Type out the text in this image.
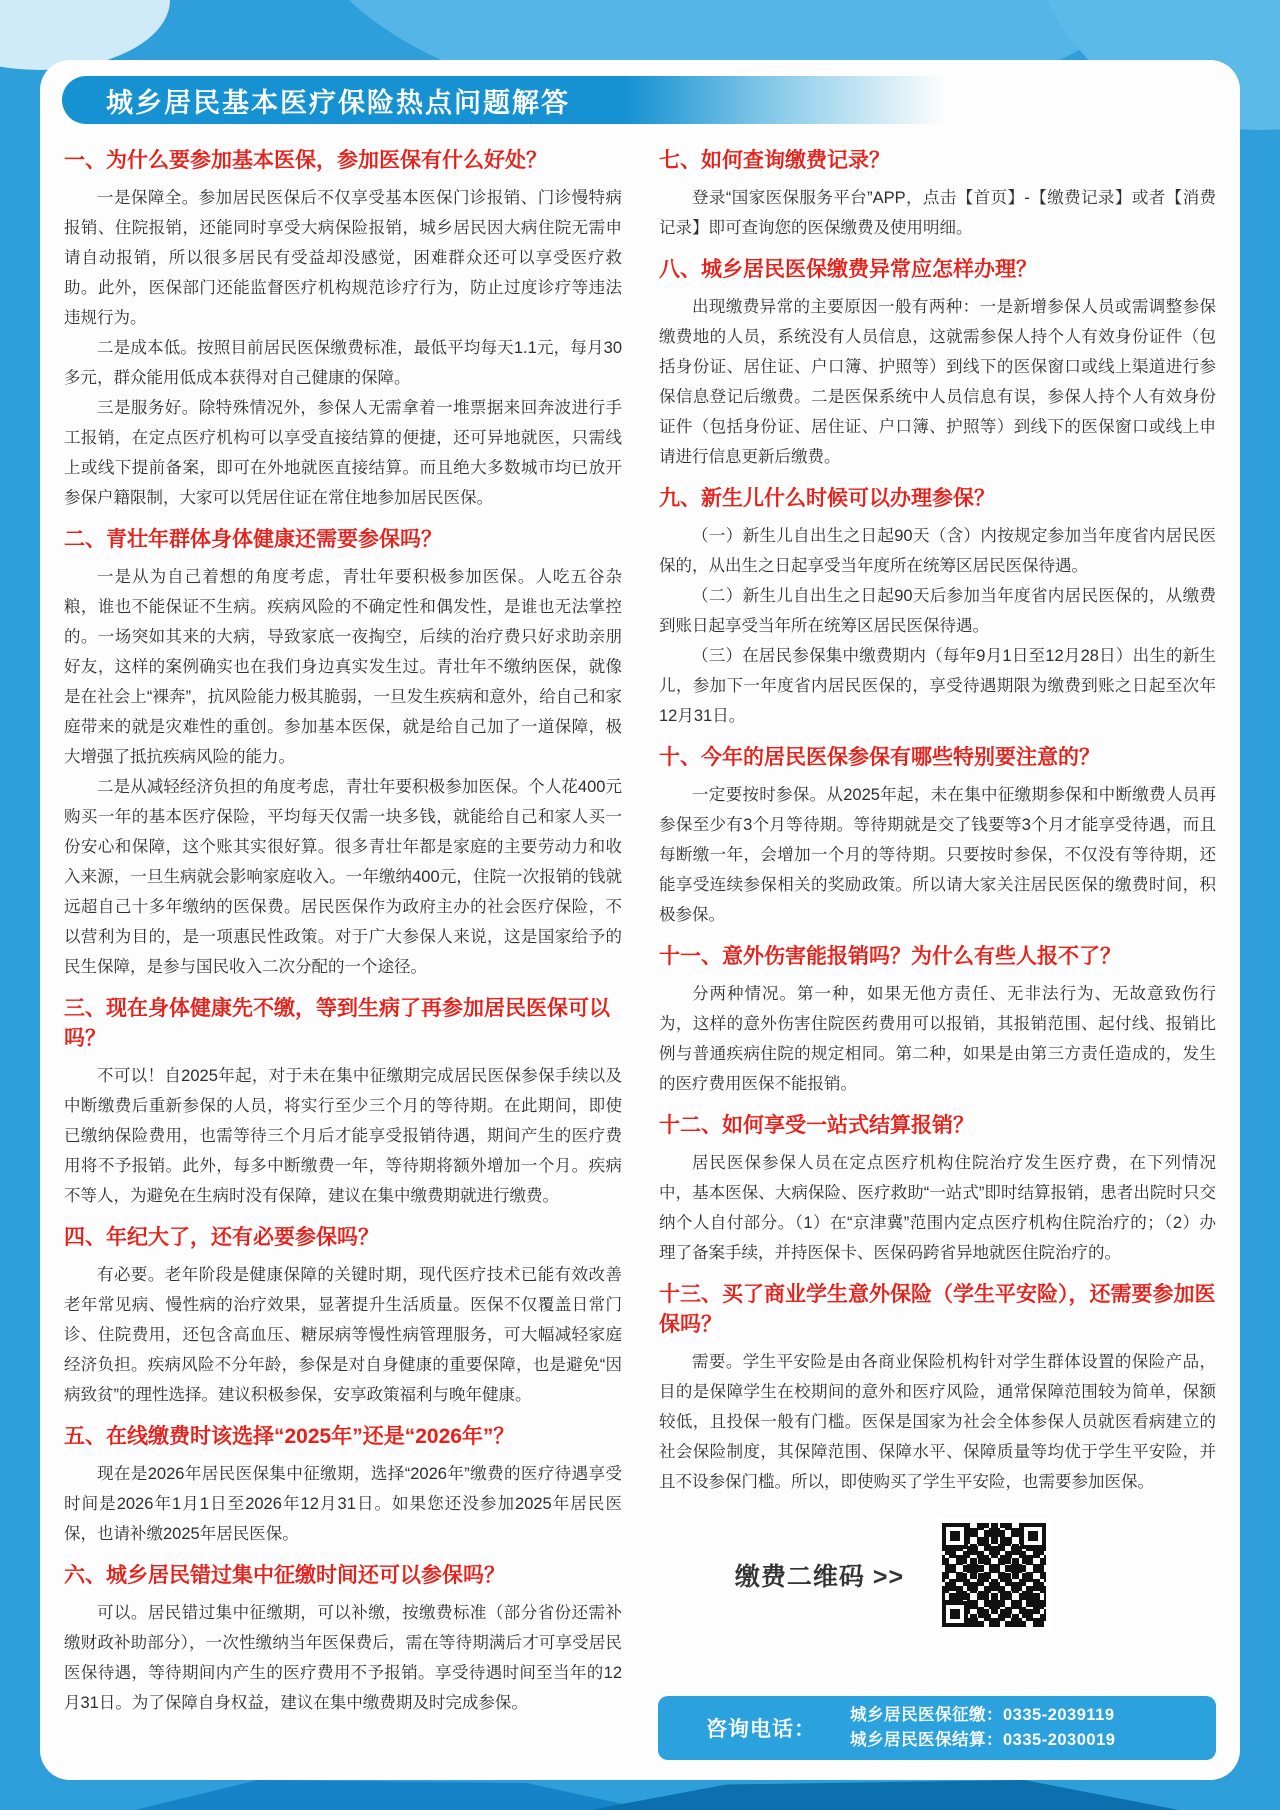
城乡居民基本医疗保险热点问题解答
一、为什么要参加基本医保，参加医保有什么好处？

一是保障全。参加居民医保后不仅享受基本医保门诊报销、门诊慢特病报销、住院报销，还能同时享受大病保险报销，城乡居民因大病住院无需申请自动报销，所以很多居民有受益却没感觉，困难群众还可以享受医疗救助。此外，医保部门还能监督医疗机构规范诊疗行为，防止过度诊疗等违法违规行为。

二是成本低。按照目前居民医保缴费标准，最低平均每天1.1元，每月30多元，群众能用低成本获得对自己健康的保障。

三是服务好。除特殊情况外，参保人无需拿着一堆票据来回奔波进行手工报销，在定点医疗机构可以享受直接结算的便捷，还可异地就医，只需线上或线下提前备案，即可在外地就医直接结算。而且绝大多数城市均已放开参保户籍限制，大家可以凭居住证在常住地参加居民医保。

二、青壮年群体身体健康还需要参保吗？

一是从为自己着想的角度考虑，青壮年要积极参加医保。人吃五谷杂粮，谁也不能保证不生病。疾病风险的不确定性和偶发性，是谁也无法掌控的。一场突如其来的大病，导致家底一夜掏空，后续的治疗费只好求助亲朋好友，这样的案例确实也在我们身边真实发生过。青壮年不缴纳医保，就像是在社会上“裸奔”，抗风险能力极其脆弱，一旦发生疾病和意外，给自己和家庭带来的就是灾难性的重创。参加基本医保，就是给自己加了一道保障，极大增强了抵抗疾病风险的能力。

二是从减轻经济负担的角度考虑，青壮年要积极参加医保。个人花400元购买一年的基本医疗保险，平均每天仅需一块多钱，就能给自己和家人买一份安心和保障，这个账其实很好算。很多青壮年都是家庭的主要劳动力和收入来源，一旦生病就会影响家庭收入。一年缴纳400元，住院一次报销的钱就远超自己十多年缴纳的医保费。居民医保作为政府主办的社会医疗保险，不以营利为目的，是一项惠民性政策。对于广大参保人来说，这是国家给予的民生保障，是参与国民收入二次分配的一个途径。

三、现在身体健康先不缴，等到生病了再参加居民医保可以吗？

不可以！自2025年起，对于未在集中征缴期完成居民医保参保手续以及中断缴费后重新参保的人员，将实行至少三个月的等待期。在此期间，即使已缴纳保险费用，也需等待三个月后才能享受报销待遇，期间产生的医疗费用将不予报销。此外，每多中断缴费一年，等待期将额外增加一个月。疾病不等人，为避免在生病时没有保障，建议在集中缴费期就进行缴费。

四、年纪大了，还有必要参保吗？

有必要。老年阶段是健康保障的关键时期，现代医疗技术已能有效改善老年常见病、慢性病的治疗效果，显著提升生活质量。医保不仅覆盖日常门诊、住院费用，还包含高血压、糖尿病等慢性病管理服务，可大幅减轻家庭经济负担。疾病风险不分年龄，参保是对自身健康的重要保障，也是避免“因病致贫”的理性选择。建议积极参保，安享政策福利与晚年健康。

五、在线缴费时该选择“2025年”还是“2026年”？

现在是2026年居民医保集中征缴期，选择“2026年”缴费的医疗待遇享受时间是2026年1月1日至2026年12月31日。如果您还没参加2025年居民医保，也请补缴2025年居民医保。

六、城乡居民错过集中征缴时间还可以参保吗？

可以。居民错过集中征缴期，可以补缴，按缴费标准（部分省份还需补缴财政补助部分），一次性缴纳当年医保费后，需在等待期满后才可享受居民医保待遇，等待期间内产生的医疗费用不予报销。享受待遇时间至当年的12月31日。为了保障自身权益，建议在集中缴费期及时完成参保。

七、如何查询缴费记录？

登录“国家医保服务平台”APP，点击【首页】-【缴费记录】或者【消费记录】即可查询您的医保缴费及使用明细。

八、城乡居民医保缴费异常应怎样办理？

出现缴费异常的主要原因一般有两种：一是新增参保人员或需调整参保缴费地的人员，系统没有人员信息，这就需参保人持个人有效身份证件（包括身份证、居住证、户口簿、护照等）到线下的医保窗口或线上渠道进行参保信息登记后缴费。二是医保系统中人员信息有误，参保人持个人有效身份证件（包括身份证、居住证、户口簿、护照等）到线下的医保窗口或线上申请进行信息更新后缴费。

九、新生儿什么时候可以办理参保？

（一）新生儿自出生之日起90天（含）内按规定参加当年度省内居民医保的，从出生之日起享受当年度所在统筹区居民医保待遇。

（二）新生儿自出生之日起90天后参加当年度省内居民医保的，从缴费到账日起享受当年所在统筹区居民医保待遇。

（三）在居民参保集中缴费期内（每年9月1日至12月28日）出生的新生儿，参加下一年度省内居民医保的，享受待遇期限为缴费到账之日起至次年12月31日。

十、今年的居民医保参保有哪些特别要注意的？

一定要按时参保。从2025年起，未在集中征缴期参保和中断缴费人员再参保至少有3个月等待期。等待期就是交了钱要等3个月才能享受待遇，而且每断缴一年，会增加一个月的等待期。只要按时参保，不仅没有等待期，还能享受连续参保相关的奖励政策。所以请大家关注居民医保的缴费时间，积极参保。

十一、意外伤害能报销吗？为什么有些人报不了？

分两种情况。第一种，如果无他方责任、无非法行为、无故意致伤行为，这样的意外伤害住院医药费用可以报销，其报销范围、起付线、报销比例与普通疾病住院的规定相同。第二种，如果是由第三方责任造成的，发生的医疗费用医保不能报销。

十二、如何享受一站式结算报销？

居民医保参保人员在定点医疗机构住院治疗发生医疗费，在下列情况中，基本医保、大病保险、医疗救助“一站式”即时结算报销，患者出院时只交纳个人自付部分。（1）在“京津冀”范围内定点医疗机构住院治疗的；（2）办理了备案手续，并持医保卡、医保码跨省异地就医住院治疗的。

十三、买了商业学生意外保险（学生平安险），还需要参加医保吗？

需要。学生平安险是由各商业保险机构针对学生群体设置的保险产品，目的是保障学生在校期间的意外和医疗风险，通常保障范围较为简单，保额较低，且投保一般有门槛。医保是国家为社会全体参保人员就医看病建立的社会保险制度，其保障范围、保障水平、保障质量等均优于学生平安险，并且不设参保门槛。所以，即使购买了学生平安险，也需要参加医保。

缴费二维码 >>
咨询电话：
城乡居民医保征缴：0335-2039119
城乡居民医保结算：0335-2030019
